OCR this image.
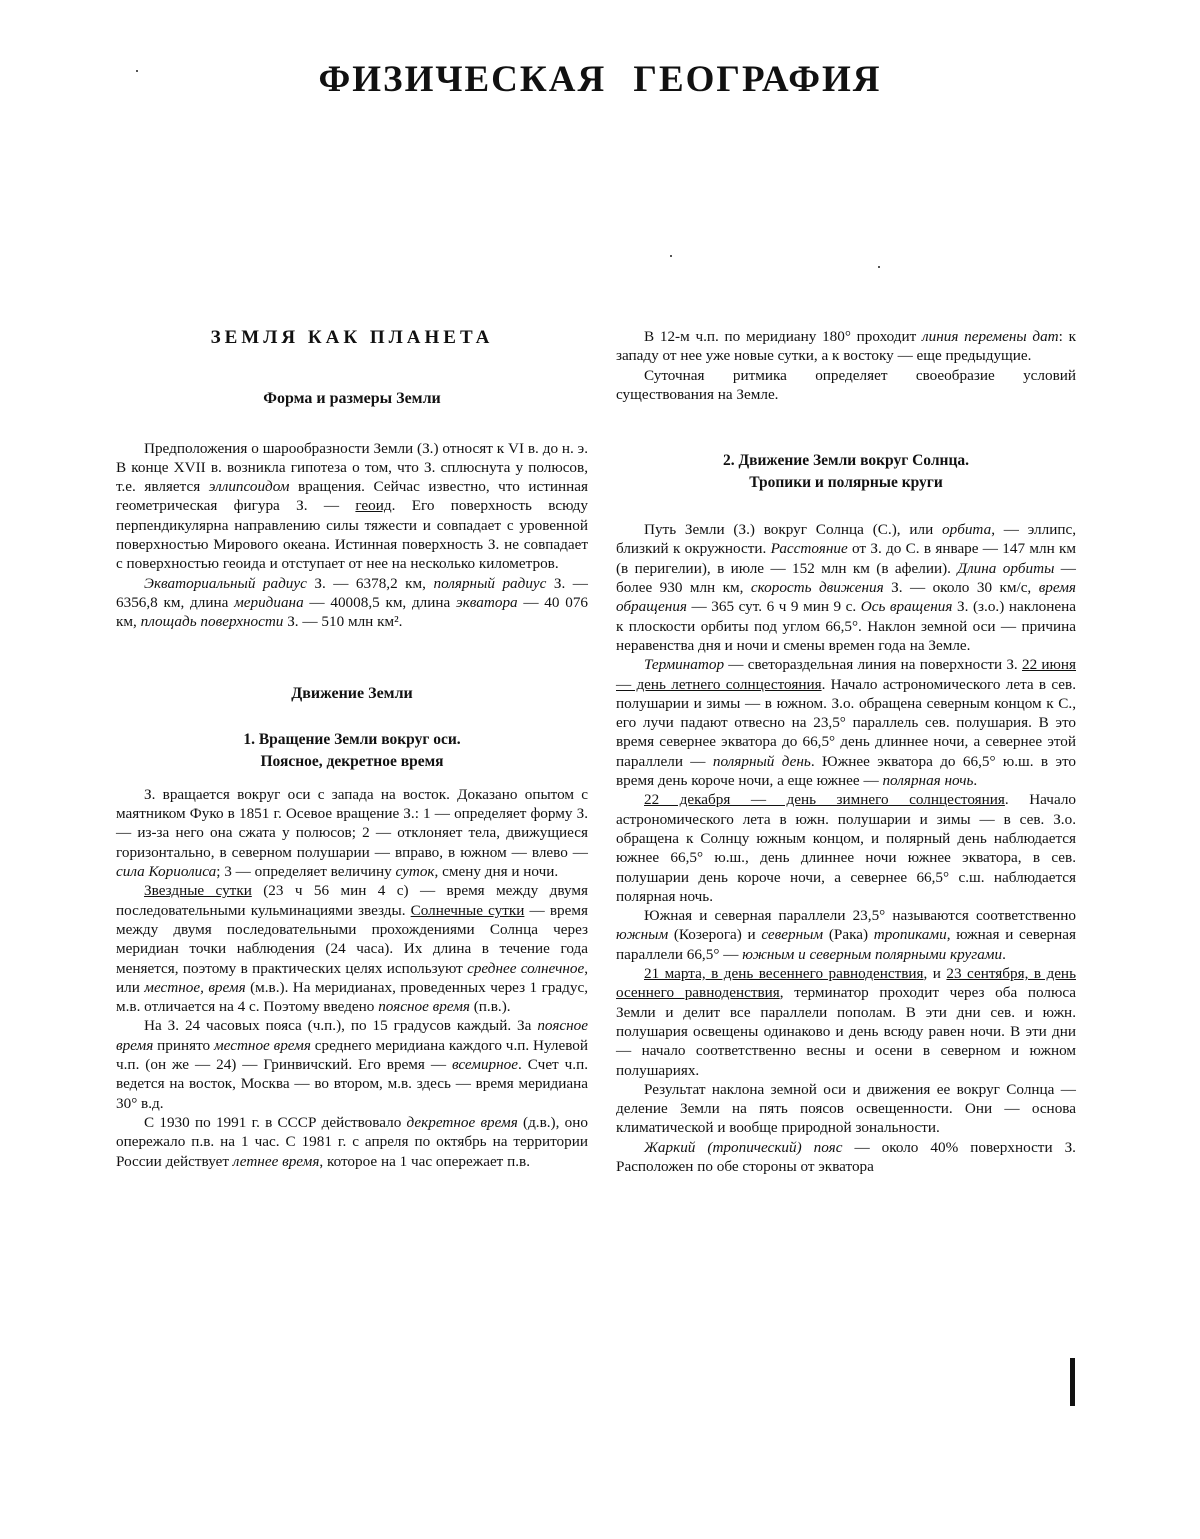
ФИЗИЧЕСКАЯ ГЕОГРАФИЯ
ЗЕМЛЯ КАК ПЛАНЕТА
Форма и размеры Земли

Предположения о шарообразности Земли (З.) относят к VI в. до н. э. В конце XVII в. возникла гипотеза о том, что З. сплюснута у полюсов, т.е. является эллипсоидом вращения. Сейчас известно, что истинная геометрическая фигура З. — геоид. Его поверхность всюду перпендикулярна направлению силы тяжести и совпадает с уровенной поверхностью Мирового океана. Истинная поверхность З. не совпадает с поверхностью геоида и отступает от нее на несколько километров.

Экваториальный радиус З. — 6378,2 км, полярный радиус З. — 6356,8 км, длина меридиана — 40008,5 км, длина экватора — 40 076 км, площадь поверхности З. — 510 млн км².

Движение Земли
1. Вращение Земли вокруг оси.
Поясное, декретное время

З. вращается вокруг оси с запада на восток. Доказано опытом с маятником Фуко в 1851 г. Осевое вращение З.: 1 — определяет форму З. — из-за него она сжата у полюсов; 2 — отклоняет тела, движущиеся горизонтально, в северном полушарии — вправо, в южном — влево — сила Кориолиса; 3 — определяет величину суток, смену дня и ночи.

Звездные сутки (23 ч 56 мин 4 с) — время между двумя последовательными кульминациями звезды. Солнечные сутки — время между двумя последовательными прохождениями Солнца через меридиан точки наблюдения (24 часа). Их длина в течение года меняется, поэтому в практических целях используют среднее солнечное, или местное, время (м.в.). На меридианах, проведенных через 1 градус, м.в. отличается на 4 с. Поэтому введено поясное время (п.в.).

На З. 24 часовых пояса (ч.п.), по 15 градусов каждый. За поясное время принято местное время среднего меридиана каждого ч.п. Нулевой ч.п. (он же — 24) — Гринвичский. Его время — всемирное. Счет ч.п. ведется на восток, Москва — во втором, м.в. здесь — время меридиана 30° в.д.

С 1930 по 1991 г. в СССР действовало декретное время (д.в.), оно опережало п.в. на 1 час. С 1981 г. с апреля по октябрь на территории России действует летнее время, которое на 1 час опережает п.в.

В 12-м ч.п. по меридиану 180° проходит линия перемены дат: к западу от нее уже новые сутки, а к востоку — еще предыдущие.

Суточная ритмика определяет своеобразие условий существования на Земле.

2. Движение Земли вокруг Солнца.
Тропики и полярные круги

Путь Земли (З.) вокруг Солнца (С.), или орбита, — эллипс, близкий к окружности. Расстояние от З. до С. в январе — 147 млн км (в перигелии), в июле — 152 млн км (в афелии). Длина орбиты — более 930 млн км, скорость движения З. — около 30 км/с, время обращения — 365 сут. 6 ч 9 мин 9 с. Ось вращения З. (з.о.) наклонена к плоскости орбиты под углом 66,5°. Наклон земной оси — причина неравенства дня и ночи и смены времен года на Земле.

Терминатор — светораздельная линия на поверхности З. 22 июня — день летнего солнцестояния. Начало астрономического лета в сев. полушарии и зимы — в южном. З.о. обращена северным концом к С., его лучи падают отвесно на 23,5° параллель сев. полушария. В это время севернее экватора до 66,5° день длиннее ночи, а севернее этой параллели — полярный день. Южнее экватора до 66,5° ю.ш. в это время день короче ночи, а еще южнее — полярная ночь.

22 декабря — день зимнего солнцестояния. Начало астрономического лета в южн. полушарии и зимы — в сев. З.о. обращена к Солнцу южным концом, и полярный день наблюдается южнее 66,5° ю.ш., день длиннее ночи южнее экватора, в сев. полушарии день короче ночи, а севернее 66,5° с.ш. наблюдается полярная ночь.

Южная и северная параллели 23,5° называются соответственно южным (Козерога) и северным (Рака) тропиками, южная и северная параллели 66,5° — южным и северным полярными кругами.

21 марта, в день весеннего равноденствия, и 23 сентября, в день осеннего равноденствия, терминатор проходит через оба полюса Земли и делит все параллели пополам. В эти дни сев. и южн. полушария освещены одинаково и день всюду равен ночи. В эти дни — начало соответственно весны и осени в северном и южном полушариях.

Результат наклона земной оси и движения ее вокруг Солнца — деление Земли на пять поясов освещенности. Они — основа климатической и вообще природной зональности.

Жаркий (тропический) пояс — около 40% поверхности З. Расположен по обе стороны от экватора
